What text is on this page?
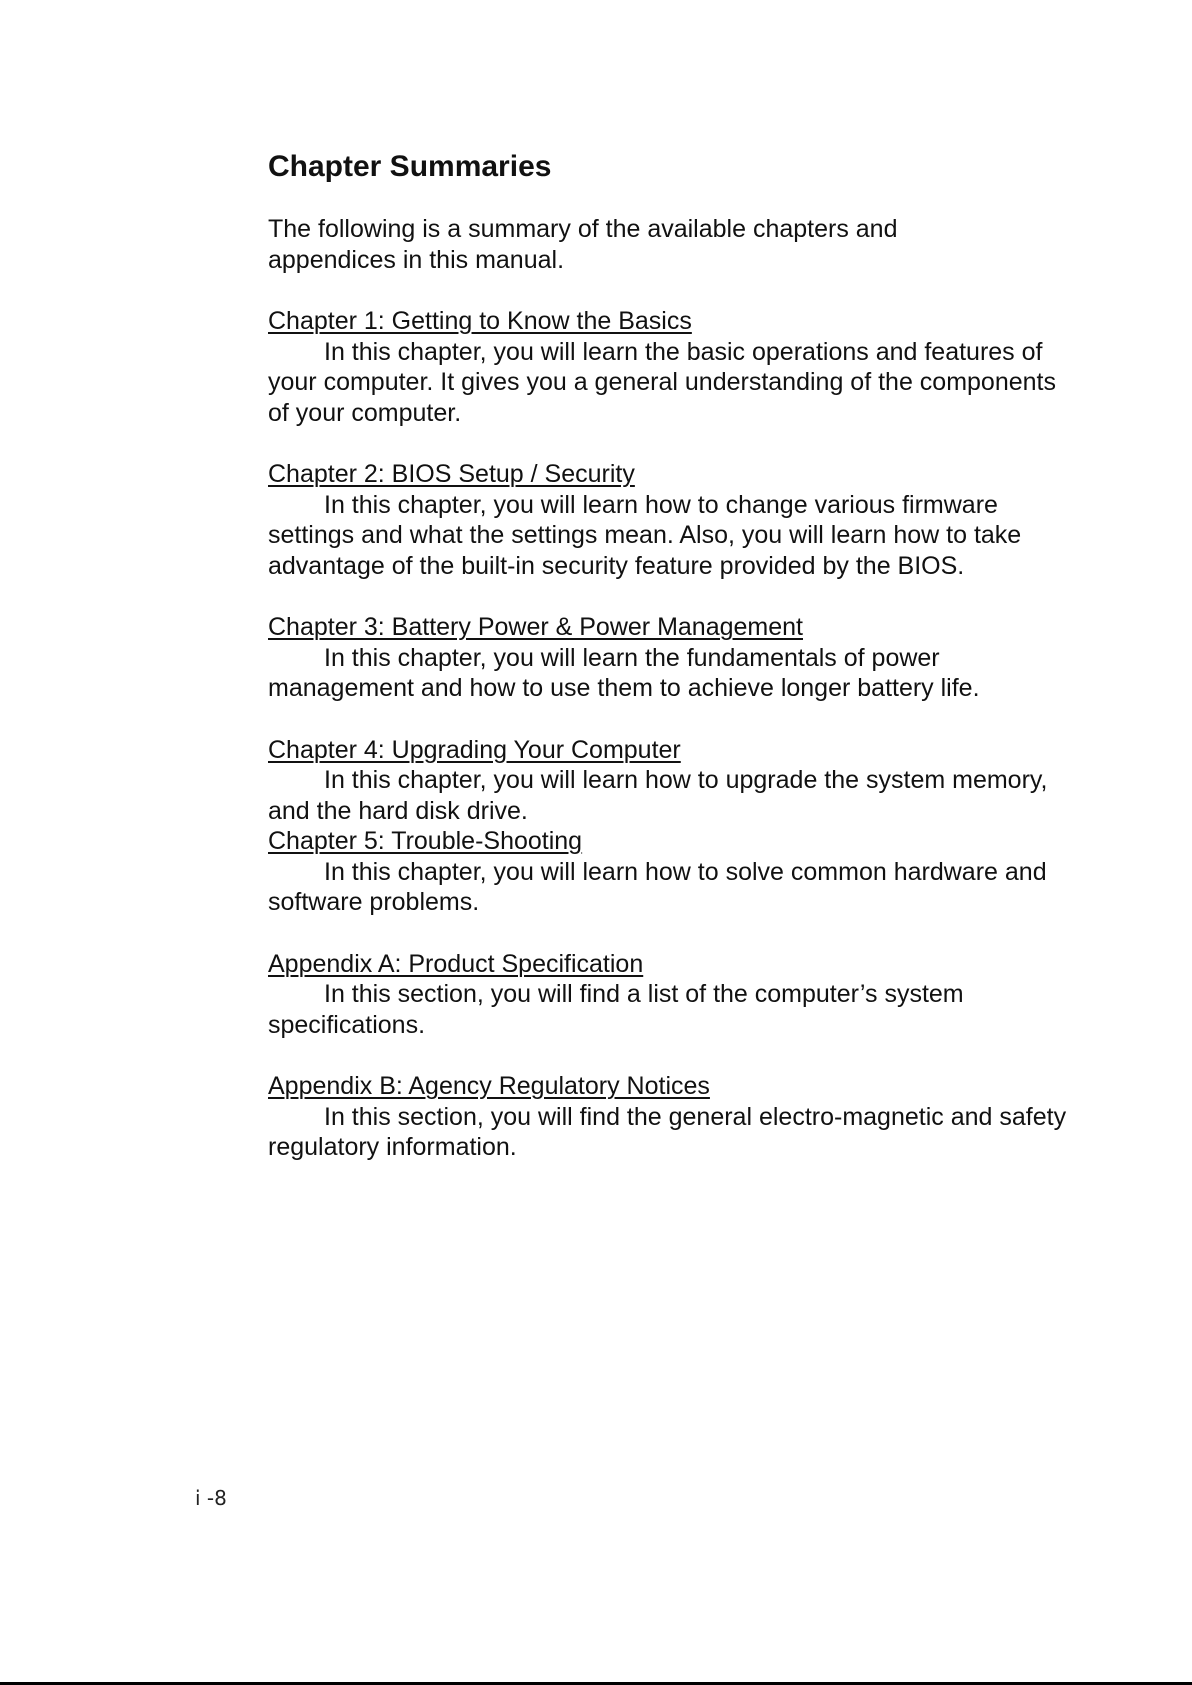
Chapter Summaries

The following is a summary of the available chapters and appendices in this manual.

Chapter 1: Getting to Know the Basics

In this chapter, you will learn the basic operations and features of your computer. It gives you a general understanding of the components of your computer.

Chapter 2: BIOS Setup / Security

In this chapter, you will learn how to change various firmware settings and what the settings mean. Also, you will learn how to take advantage of the built-in security feature provided by the BIOS.

Chapter 3: Battery Power & Power Management

In this chapter, you will learn the fundamentals of power management and how to use them to achieve longer battery life.

Chapter 4: Upgrading Your Computer

In this chapter, you will learn how to upgrade the system memory, and the hard disk drive.

Chapter 5: Trouble-Shooting

In this chapter, you will learn how to solve common hardware and software problems.

Appendix A: Product Specification

In this section, you will find a list of the computer’s system specifications.

Appendix B: Agency Regulatory Notices

In this section, you will find the general electro-magnetic and safety regulatory information.

i -8
